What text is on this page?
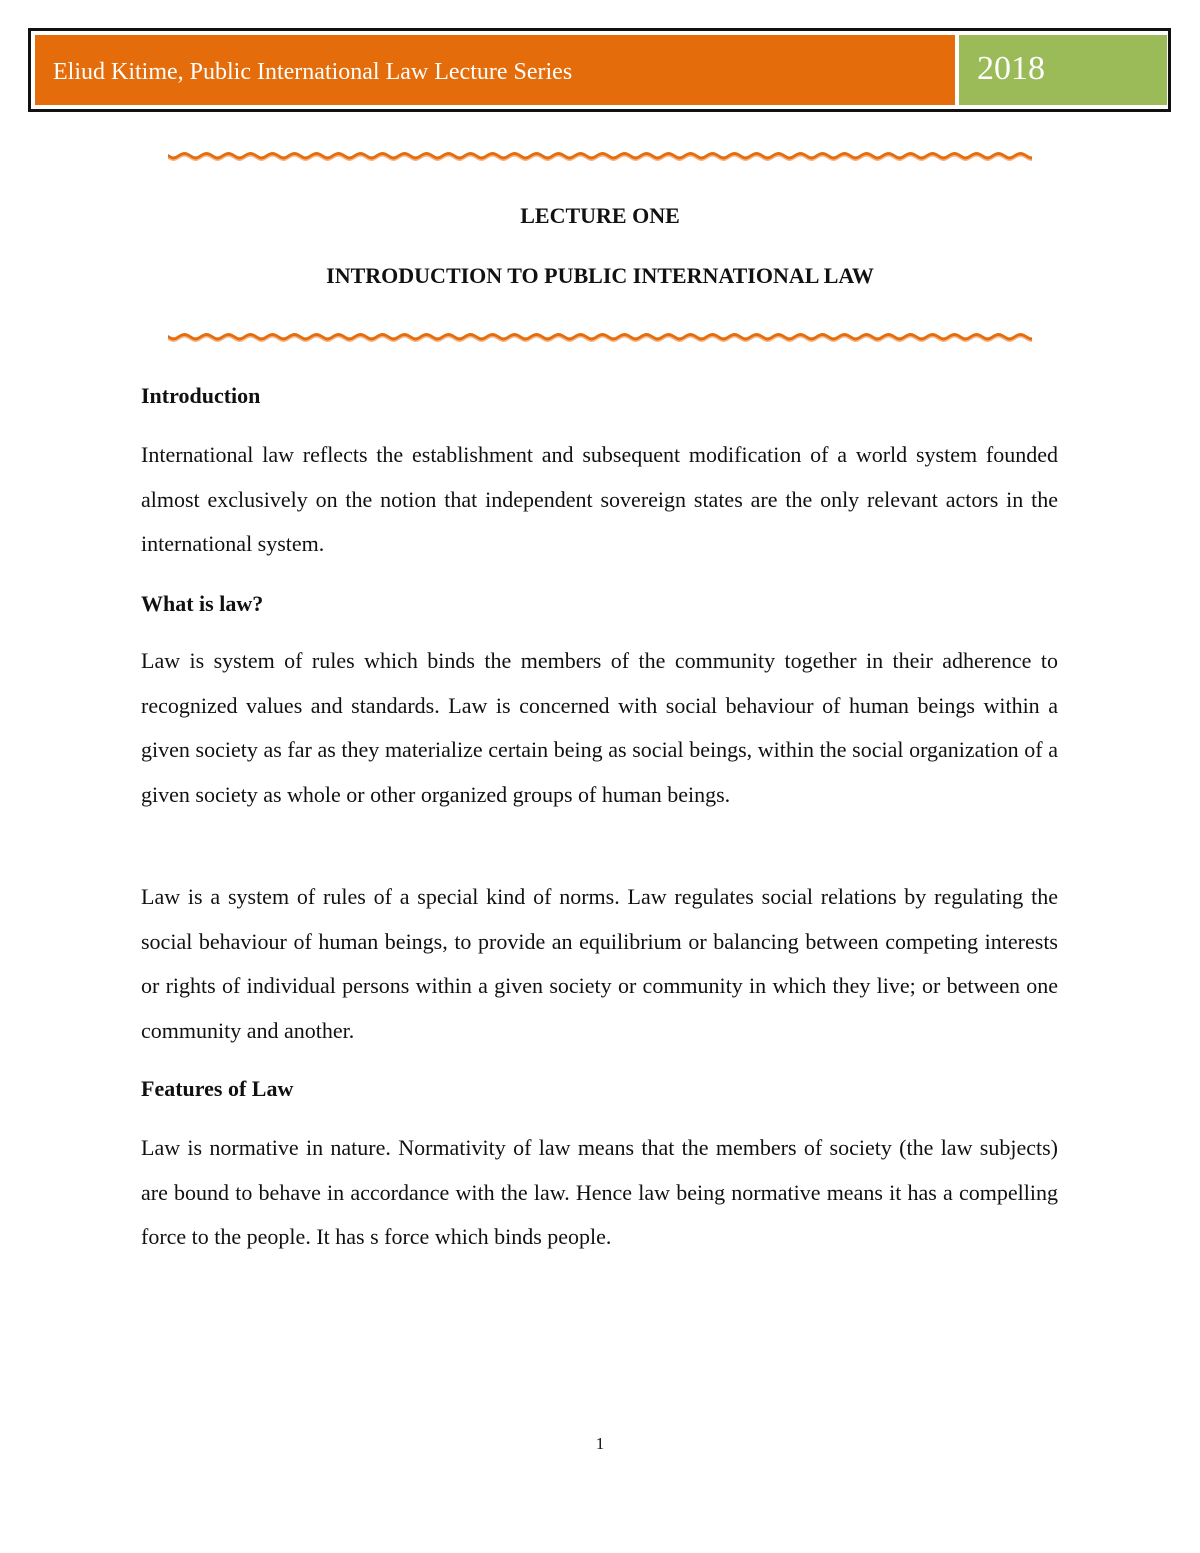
Eliud Kitime, Public International Law Lecture Series	2018
LECTURE ONE
INTRODUCTION TO PUBLIC INTERNATIONAL LAW
Introduction
International law reflects the establishment and subsequent modification of a world system founded almost exclusively on the notion that independent sovereign states are the only relevant actors in the international system.
What is law?
Law is system of rules which binds the members of the community together in their adherence to recognized values and standards. Law is concerned with social behaviour of human beings within a given society as far as they materialize certain being as social beings, within the social organization of a given society as whole or other organized groups of human beings.
Law is a system of rules of a special kind of norms. Law regulates social relations by regulating the social behaviour of human beings, to provide an equilibrium or balancing between competing interests or rights of individual persons within a given society or community in which they live; or between one community and another.
Features of Law
Law is normative in nature. Normativity of law means that the members of society (the law subjects) are bound to behave in accordance with the law. Hence law being normative means it has a compelling force to the people. It has s force which binds people.
1
